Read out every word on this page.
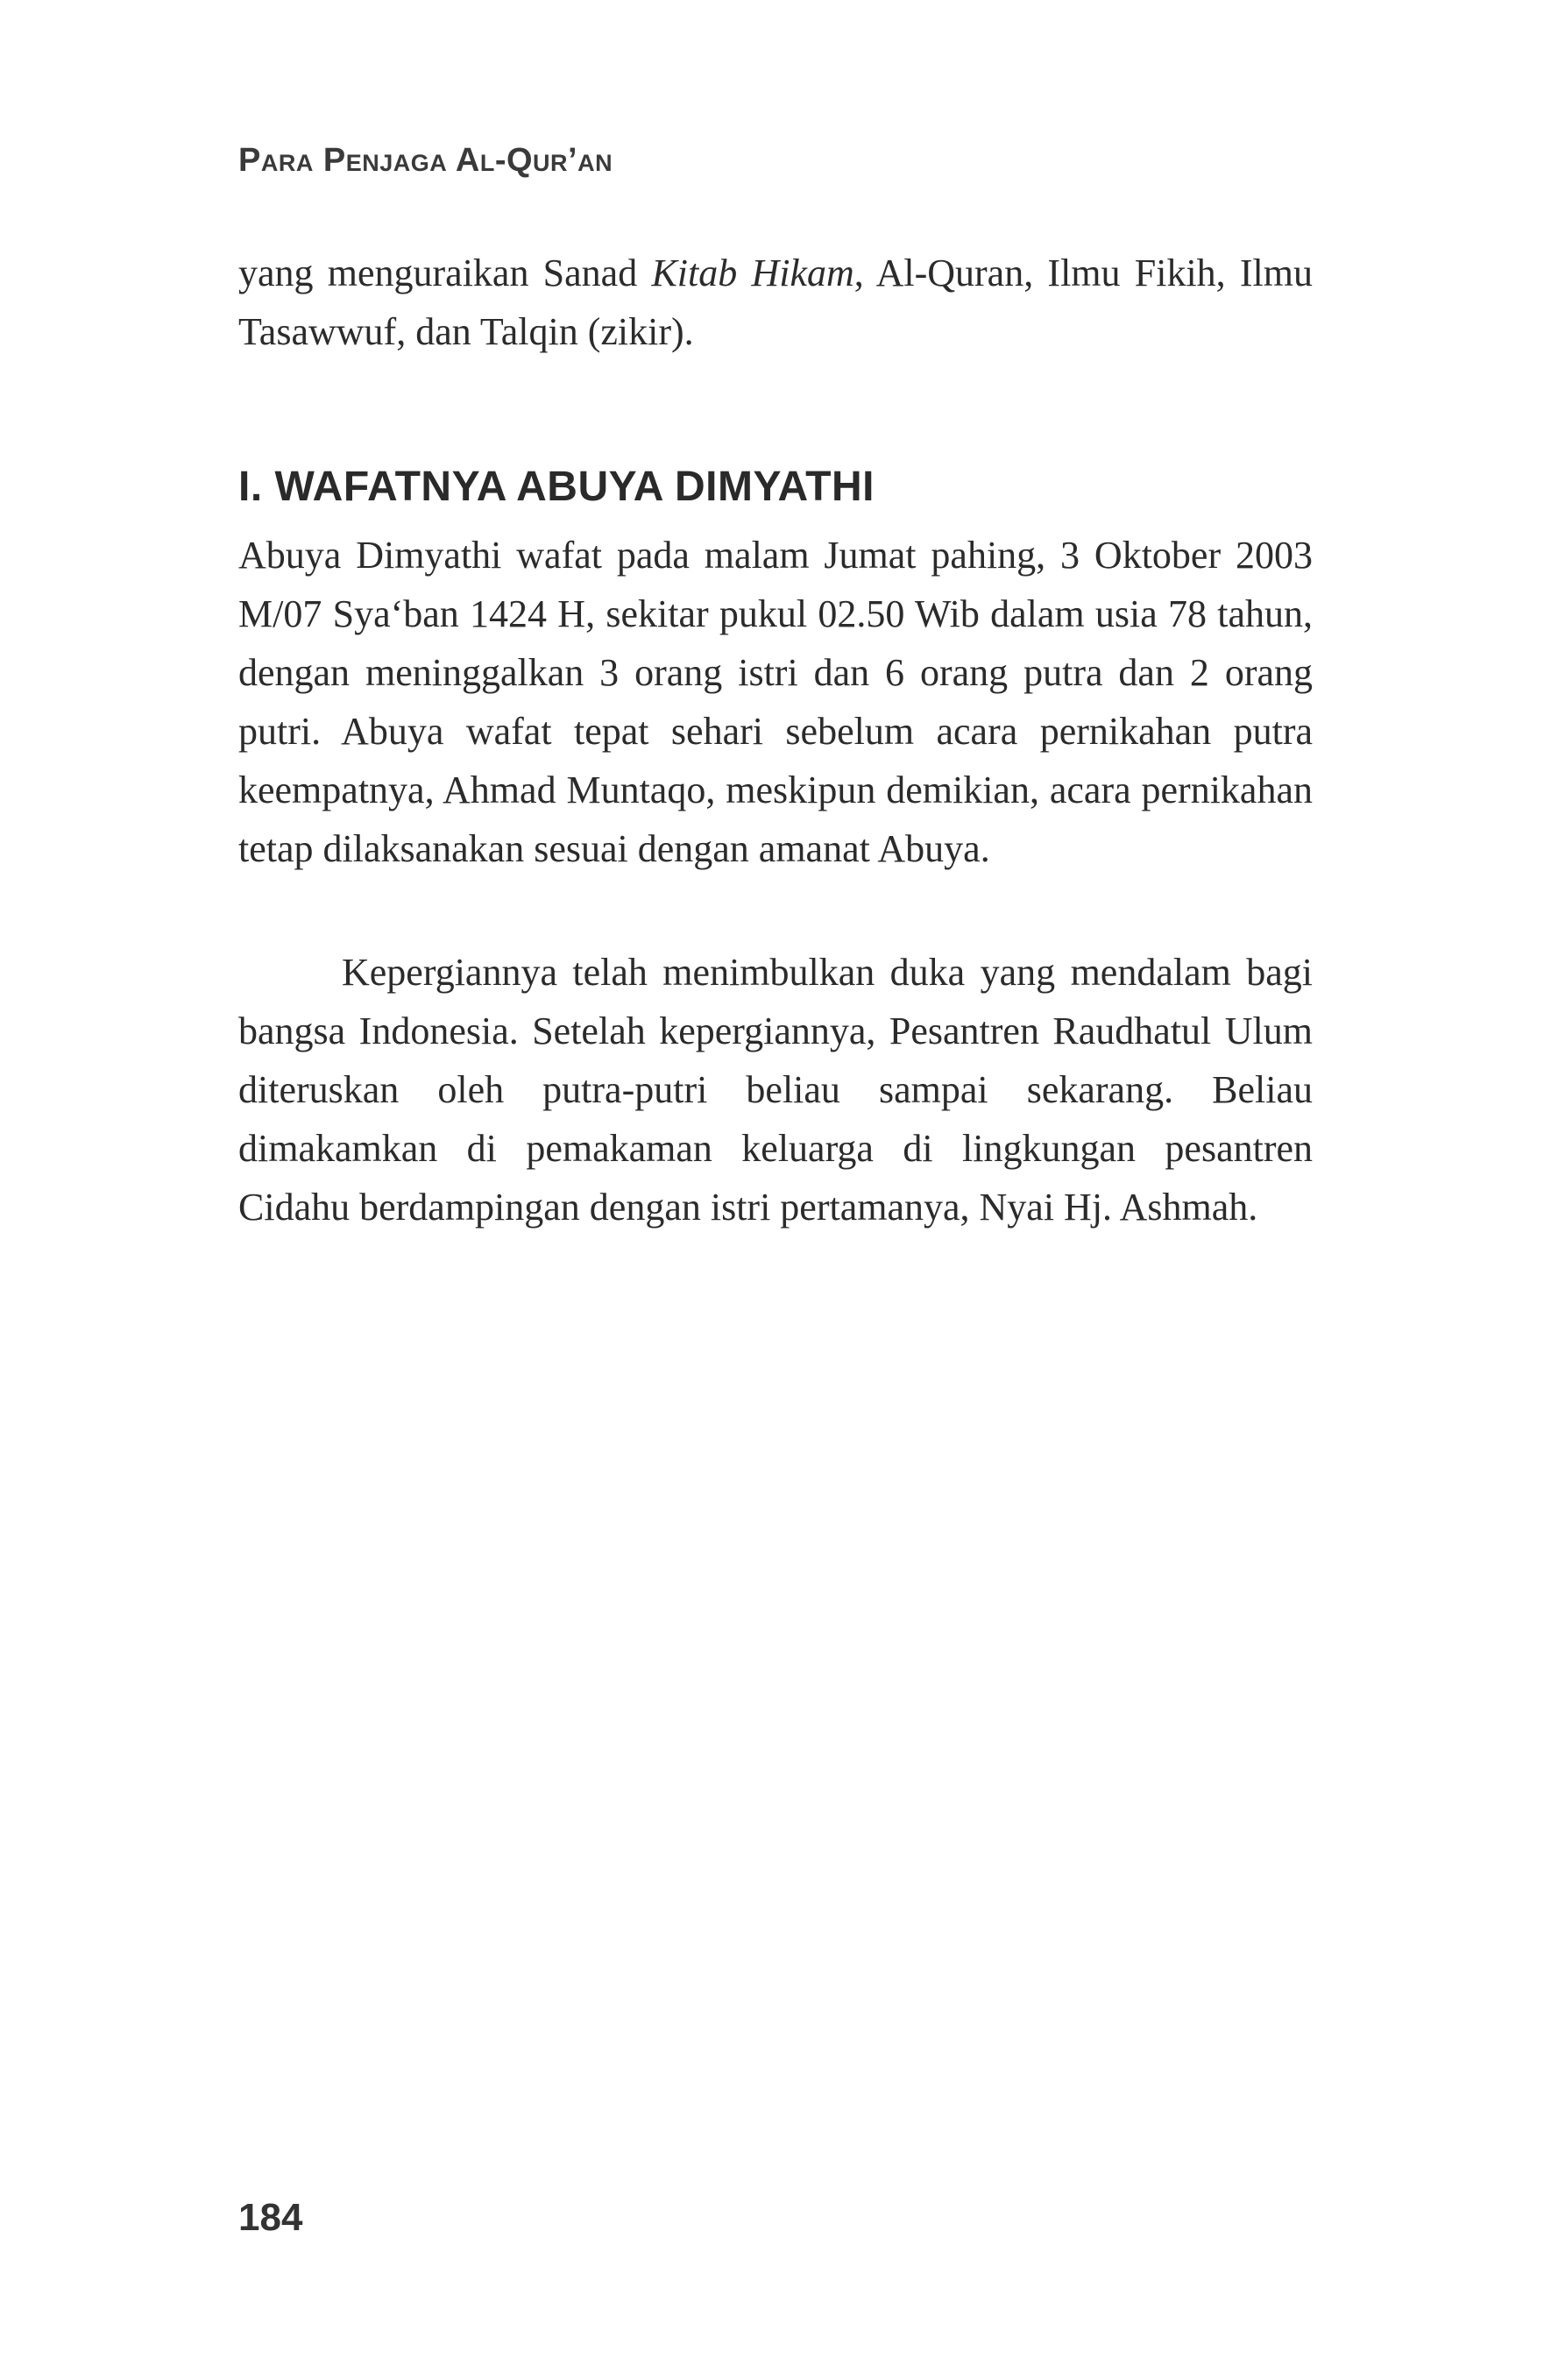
Para Penjaga Al-Qur’an

yang menguraikan Sanad Kitab Hikam, Al-Quran, Ilmu Fikih, Ilmu Tasawwuf, dan Talqin (zikir).

I. WAFATNYA ABUYA DIMYATHI

Abuya Dimyathi wafat pada malam Jumat pahing, 3 Oktober 2003 M/07 Sya‘ban 1424 H, sekitar pukul 02.50 Wib dalam usia 78 tahun, dengan meninggalkan 3 orang istri dan 6 orang putra dan 2 orang putri. Abuya wafat tepat sehari sebelum acara pernikahan putra keempatnya, Ahmad Muntaqo, meskipun demikian, acara pernikahan tetap dilaksanakan sesuai dengan amanat Abuya.

Kepergiannya telah menimbulkan duka yang mendalam bagi bangsa Indonesia. Setelah kepergiannya, Pesantren Raudhatul Ulum diteruskan oleh putra-putri beliau sampai sekarang. Beliau dimakamkan di pemakaman keluarga di lingkungan pesantren Cidahu berdampingan dengan istri pertamanya, Nyai Hj. Ashmah.

184
